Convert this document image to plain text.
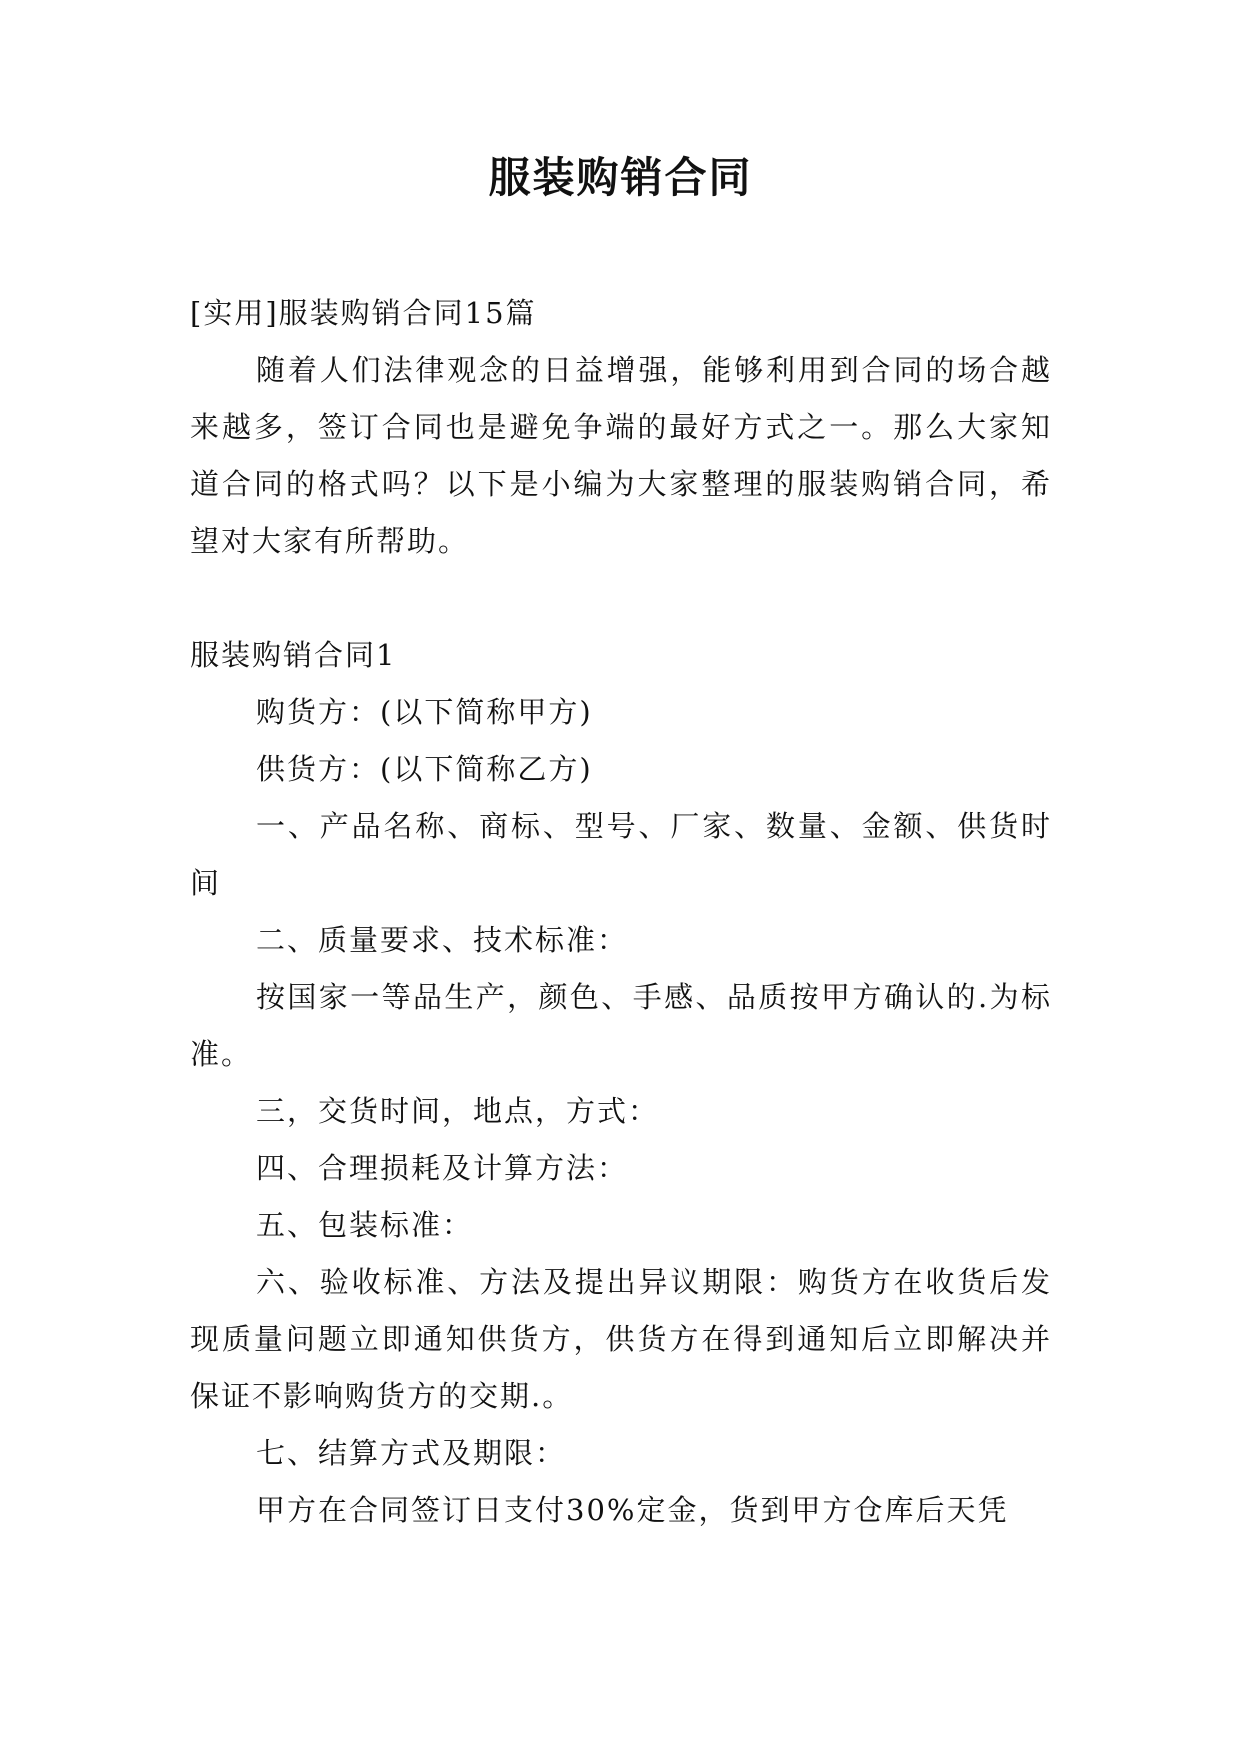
服装购销合同

[实用]服装购销合同15篇

随着人们法律观念的日益增强，能够利用到合同的场合越来越多，签订合同也是避免争端的最好方式之一。那么大家知道合同的格式吗？以下是小编为大家整理的服装购销合同，希望对大家有所帮助。

服装购销合同1

购货方：(以下简称甲方)

供货方：(以下简称乙方)

一、产品名称、商标、型号、厂家、数量、金额、供货时间

二、质量要求、技术标准：

按国家一等品生产，颜色、手感、品质按甲方确认的.为标准。

三，交货时间，地点，方式：

四、合理损耗及计算方法：

五、包装标准：

六、验收标准、方法及提出异议期限：购货方在收货后发现质量问题立即通知供货方，供货方在得到通知后立即解决并保证不影响购货方的交期.。

七、结算方式及期限：

甲方在合同签订日支付30%定金，货到甲方仓库后天凭
